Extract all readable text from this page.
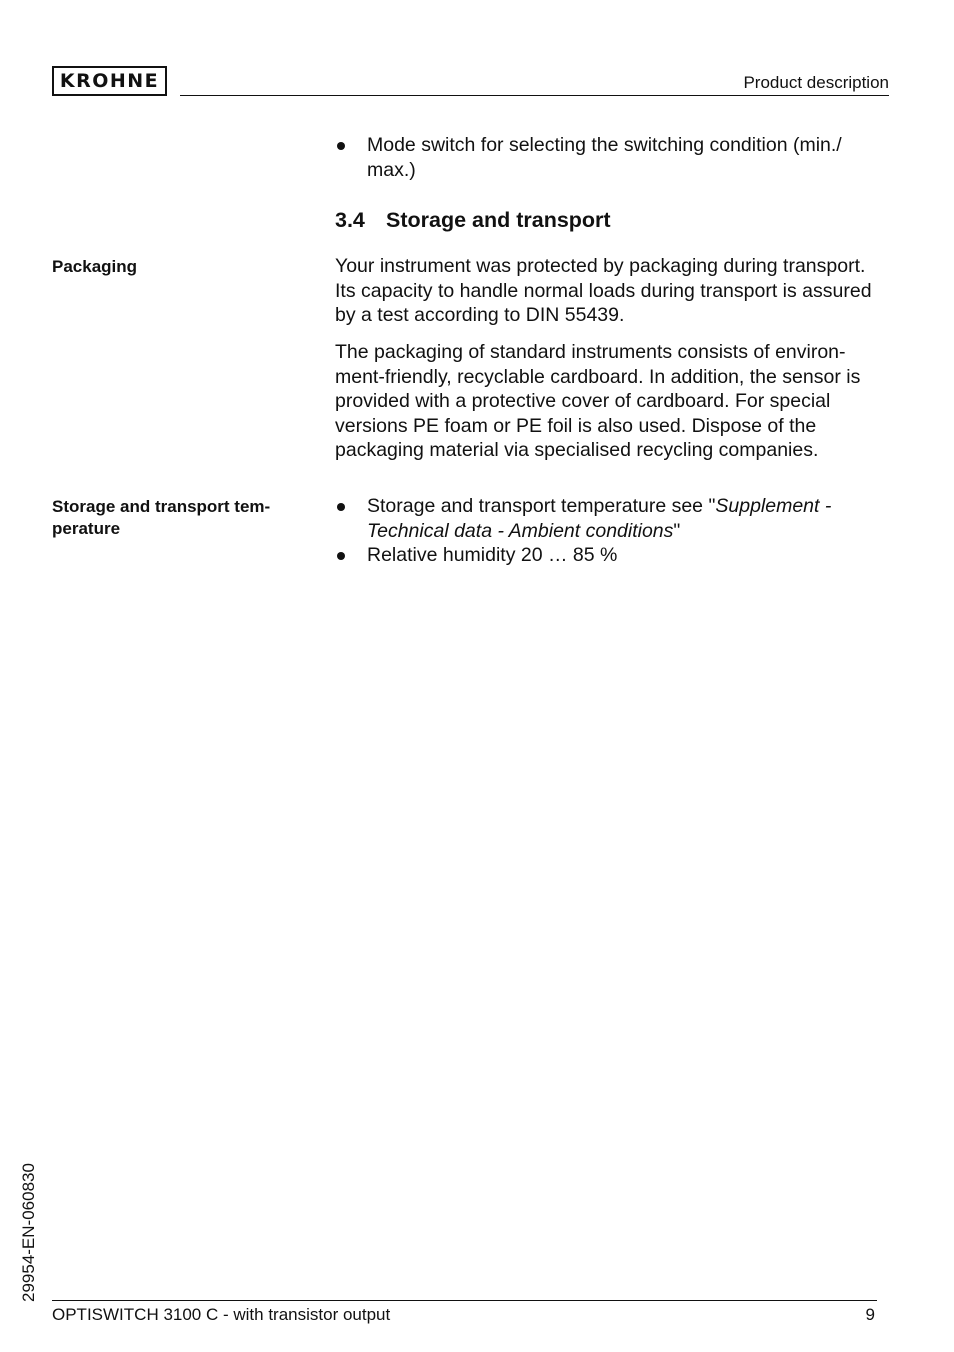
KROHNE	Product description
Mode switch for selecting the switching condition (min./ max.)
3.4 Storage and transport
Packaging	Your instrument was protected by packaging during transport. Its capacity to handle normal loads during transport is assured by a test according to DIN 55439.

The packaging of standard instruments consists of environ-ment-friendly, recyclable cardboard. In addition, the sensor is provided with a protective cover of cardboard. For special versions PE foam or PE foil is also used. Dispose of the packaging material via specialised recycling companies.

Storage and transport tem-perature
Storage and transport temperature see "Supplement - Technical data - Ambient conditions"
Relative humidity 20 … 85 %
29954-EN-060830
OPTISWITCH 3100 C - with transistor output	9
